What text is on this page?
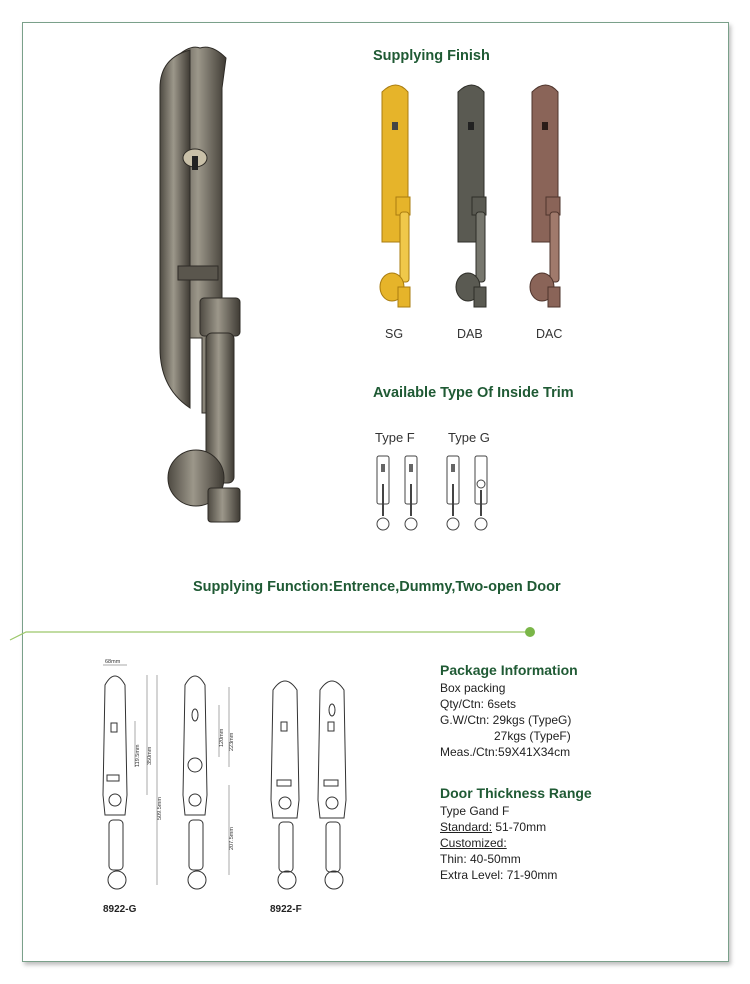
Supplying Finish
SG	DAB	DAC
Available Type Of Inside Trim
Type F	Type G
Supplying Function:Entrence,Dummy,Two-open Door
68mm
119.5mm 350mm
509.5mm
120mm 223mm
207.5mm
8922-G	8922-F
Package Information
Box packing
Qty/Ctn: 6sets
G.W/Ctn: 29kgs (TypeG)
27kgs (TypeF)
Meas./Ctn:59X41X34cm
Door Thickness Range
Type Gand F
Standard: 51-70mm
Customized:
Thin: 40-50mm
Extra Level: 71-90mm
